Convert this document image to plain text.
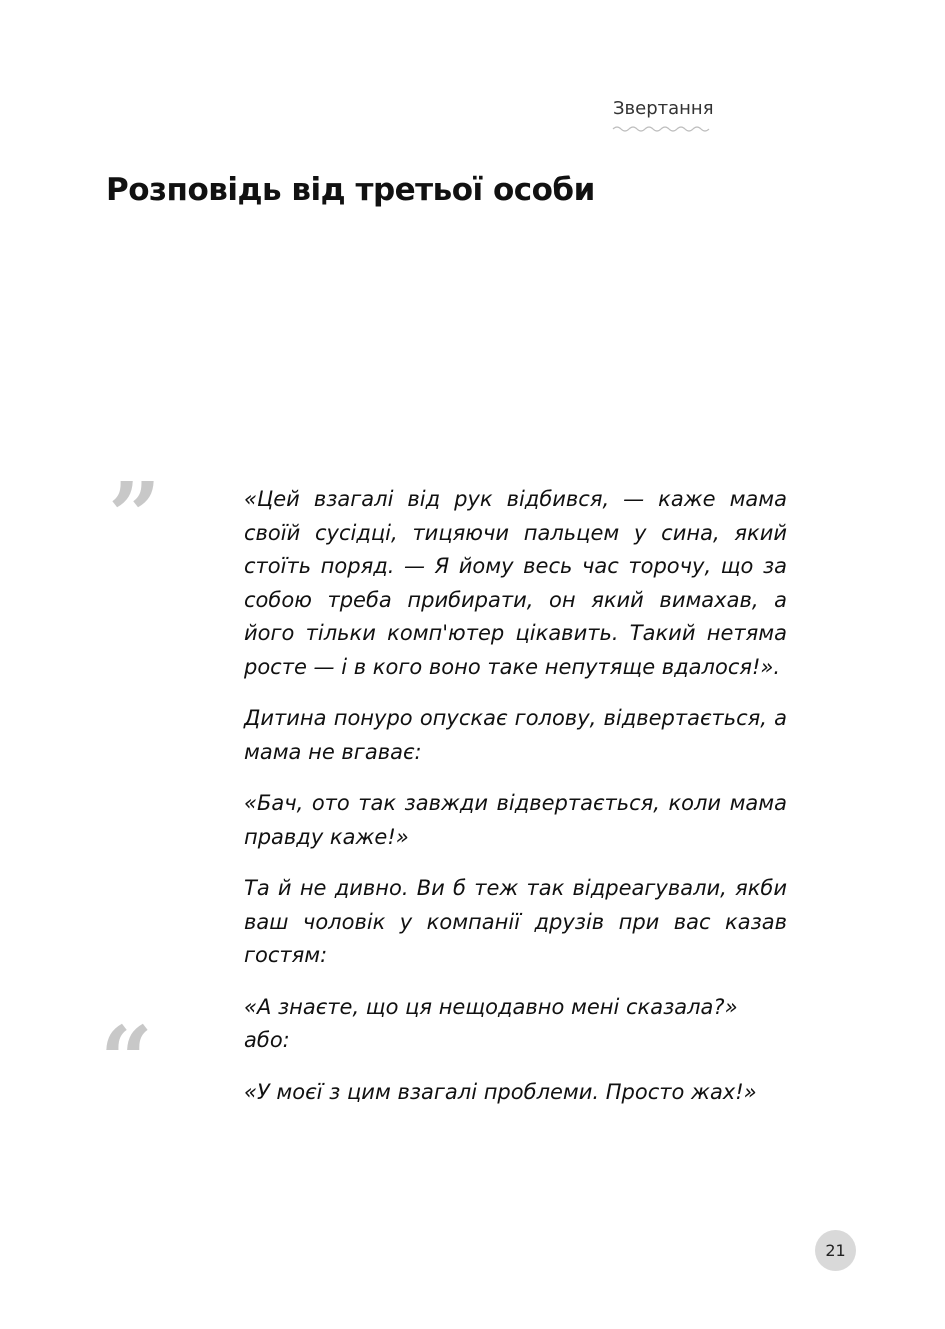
Звертання
Розповідь від третьої особи
”
“

«Цей взагалі від рук відбився, — каже мама своїй сусідці, тицяючи пальцем у сина, який стоїть поряд. — Я йому весь час торочу, що за собою треба прибирати, он який вимахав, а його тільки комп'ютер цікавить. Такий нетяма росте — і в кого воно таке непутяще вдалося!».

Дитина понуро опускає голову, відвертається, а мама не вгаває:

«Бач, ото так завжди відвертається, коли мама правду каже!»

Та й не дивно. Ви б теж так відреагували, якби ваш чоловік у компанії друзів при вас казав гостям:

«А знаєте, що ця нещодавно мені сказала?» або:

«У моєї з цим взагалі проблеми. Просто жах!»

21
